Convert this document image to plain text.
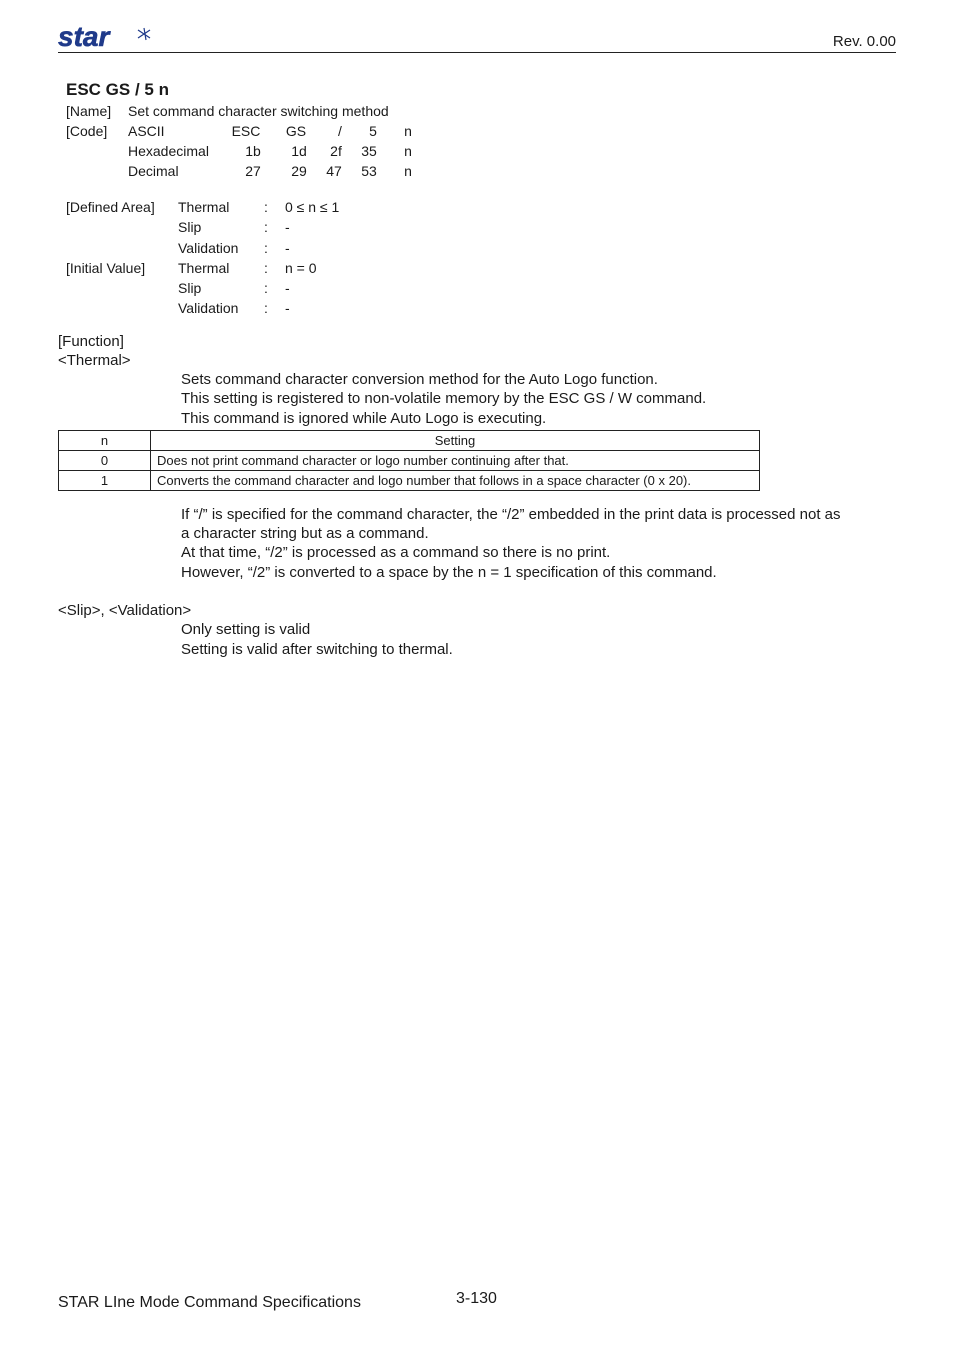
star	Rev. 0.00
ESC GS / 5 n
[Name] Set command character switching method
[Code] ASCII	ESC	GS	/	5	n
Hexadecimal	1b	1d	2f	35	n
Decimal	27	29	47	53	n
[Defined Area] Thermal : 0 ≤ n ≤ 1
Slip	: -
Validation : -
[Initial Value] Thermal : n = 0
Slip	: -
Validation : -
[Function]
<Thermal>
Sets command character conversion method for the Auto Logo function.
This setting is registered to non-volatile memory by the ESC GS / W command.
This command is ignored while Auto Logo is executing.
n	Setting
0	Does not print command character or logo number continuing after that.
1	Converts the command character and logo number that follows in a space character (0 x 20).
If “/” is specified for the command character, the “/2” embedded in the print data is processed not as
a character string but as a command.
At that time, “/2” is processed as a command so there is no print.
However, “/2” is converted to a space by the n = 1 specification of this command.
<Slip>, <Validation>
Only setting is valid
Setting is valid after switching to thermal.
STAR LIne Mode Command Specifications	3-130
